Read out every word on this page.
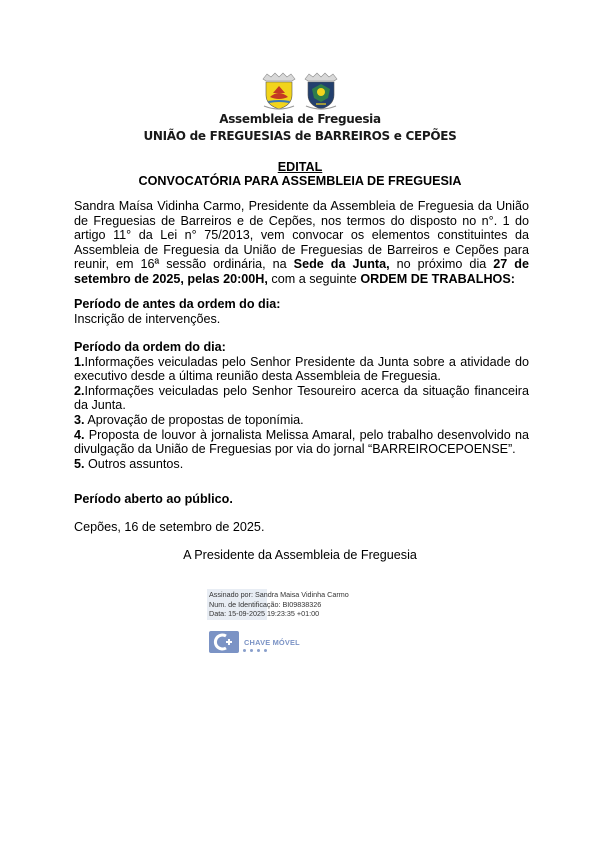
Assembleia de Freguesia
UNIÃO de FREGUESIAS de BARREIROS e CEPÕES
EDITAL
CONVOCATÓRIA PARA ASSEMBLEIA DE FREGUESIA
Sandra Maísa Vidinha Carmo, Presidente da Assembleia de Freguesia da União de Freguesias de Barreiros e de Cepões, nos termos do disposto no n°. 1 do artigo 11° da Lei n° 75/2013, vem convocar os elementos constituintes da Assembleia de Freguesia da União de Freguesias de Barreiros e Cepões para reunir, em 16ª sessão ordinária, na Sede da Junta, no próximo dia 27 de setembro de 2025, pelas 20:00H, com a seguinte ORDEM DE TRABALHOS:
Período de antes da ordem do dia:
Inscrição de intervenções.
Período da ordem do dia:
1.Informações veiculadas pelo Senhor Presidente da Junta sobre a atividade do executivo desde a última reunião desta Assembleia de Freguesia.
2.Informações veiculadas pelo Senhor Tesoureiro acerca da situação financeira da Junta.
3. Aprovação de propostas de toponímia.
4. Proposta de louvor à jornalista Melissa Amaral, pelo trabalho desenvolvido na divulgação da União de Freguesias por via do jornal “BARREIROCEPOENSE”.
5. Outros assuntos.
Período aberto ao público.
Cepões, 16 de setembro de 2025.
A Presidente da Assembleia de Freguesia
Assinado por: Sandra Maisa Vidinha Carmo
Num. de Identificação: BI09838326
Data: 15-09-2025 19:23:35 +01:00
CHAVE MÓVEL
